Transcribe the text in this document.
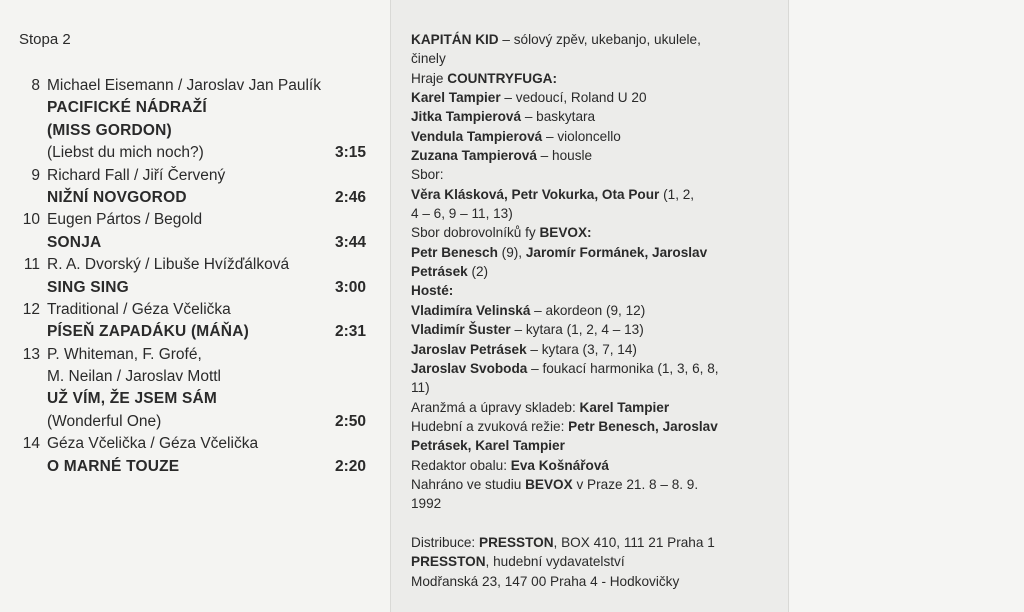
Stopa 2
8 Michael Eisemann / Jaroslav Jan Paulík
PACIFICKÉ NÁDRAŽÍ
(MISS GORDON)
(Liebst du mich noch?)	3:15
9 Richard Fall / Jiří Červený
NIŽNÍ NOVGOROD	2:46
10 Eugen Pártos / Begold
SONJA	3:44
11 R. A. Dvorský / Libuše Hvížďálková
SING SING	3:00
12 Traditional / Géza Včelička
PÍSEŇ ZAPADÁKU (MÁŇA)	2:31
13 P. Whiteman, F. Grofé,
M. Neilan / Jaroslav Mottl
UŽ VÍM, ŽE JSEM SÁM
(Wonderful One)	2:50
14 Géza Včelička / Géza Včelička
O MARNÉ TOUZE	2:20

KAPITÁN KID – sólový zpěv, ukebanjo, ukulele,

činely

Hraje COUNTRYFUGA:

Karel Tampier – vedoucí, Roland U 20

Jitka Tampierová – baskytara

Vendula Tampierová – violoncello

Zuzana Tampierová – housle

Sbor:

Věra Klásková, Petr Vokurka, Ota Pour (1, 2,

4 – 6, 9 – 11, 13)

Sbor dobrovolníků fy BEVOX:

Petr Benesch (9), Jaromír Formánek, Jaroslav

Petrásek (2)

Hosté:

Vladimíra Velinská – akordeon (9, 12)

Vladimír Šuster – kytara (1, 2, 4 – 13)

Jaroslav Petrásek – kytara (3, 7, 14)

Jaroslav Svoboda – foukací harmonika (1, 3, 6, 8,

11)

Aranžmá a úpravy skladeb: Karel Tampier

Hudební a zvuková režie: Petr Benesch, Jaroslav

Petrásek, Karel Tampier

Redaktor obalu: Eva Košnářová

Nahráno ve studiu BEVOX v Praze 21. 8 – 8. 9.

1992

Distribuce: PRESSTON, BOX 410, 111 21 Praha 1

PRESSTON, hudební vydavatelství

Modřanská 23, 147 00 Praha 4 - Hodkovičky
